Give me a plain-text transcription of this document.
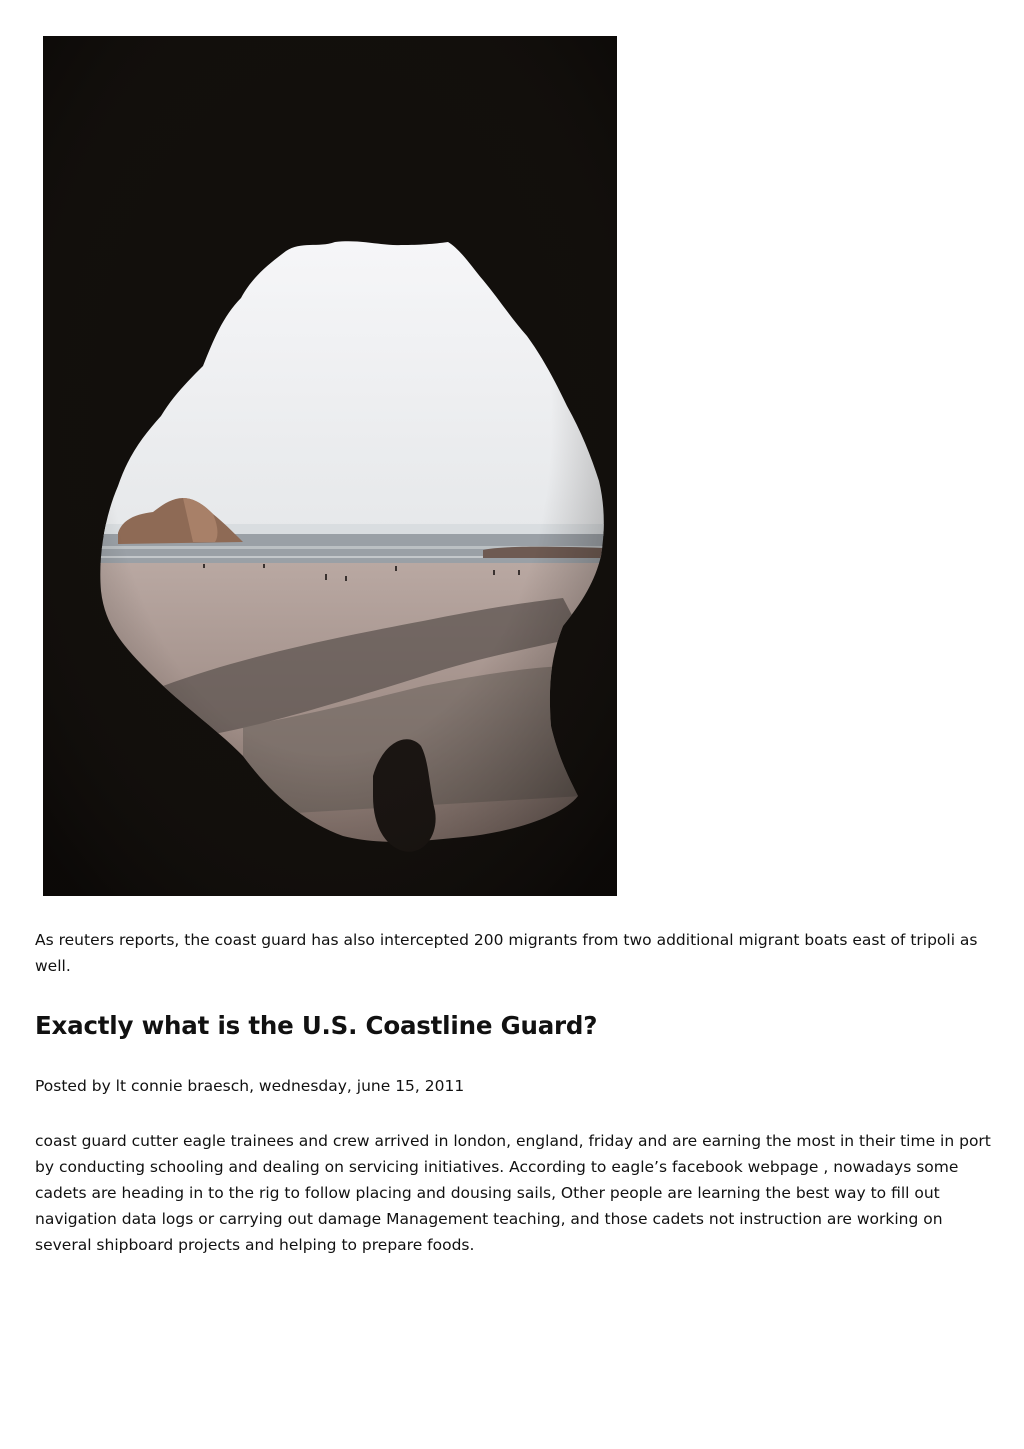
As reuters reports, the coast guard has also intercepted 200 migrants from two additional migrant boats east of tripoli as well.

Exactly what is the U.S. Coastline Guard?

Posted by lt connie braesch, wednesday, june 15, 2011

coast guard cutter eagle trainees and crew arrived in london, england, friday and are earning the most in their time in port by conducting schooling and dealing on servicing initiatives. According to eagle’s facebook webpage , nowadays some cadets are heading in to the rig to follow placing and dousing sails, Other people are learning the best way to fill out navigation data logs or carrying out damage Management teaching, and those cadets not instruction are working on several shipboard projects and helping to prepare foods.
